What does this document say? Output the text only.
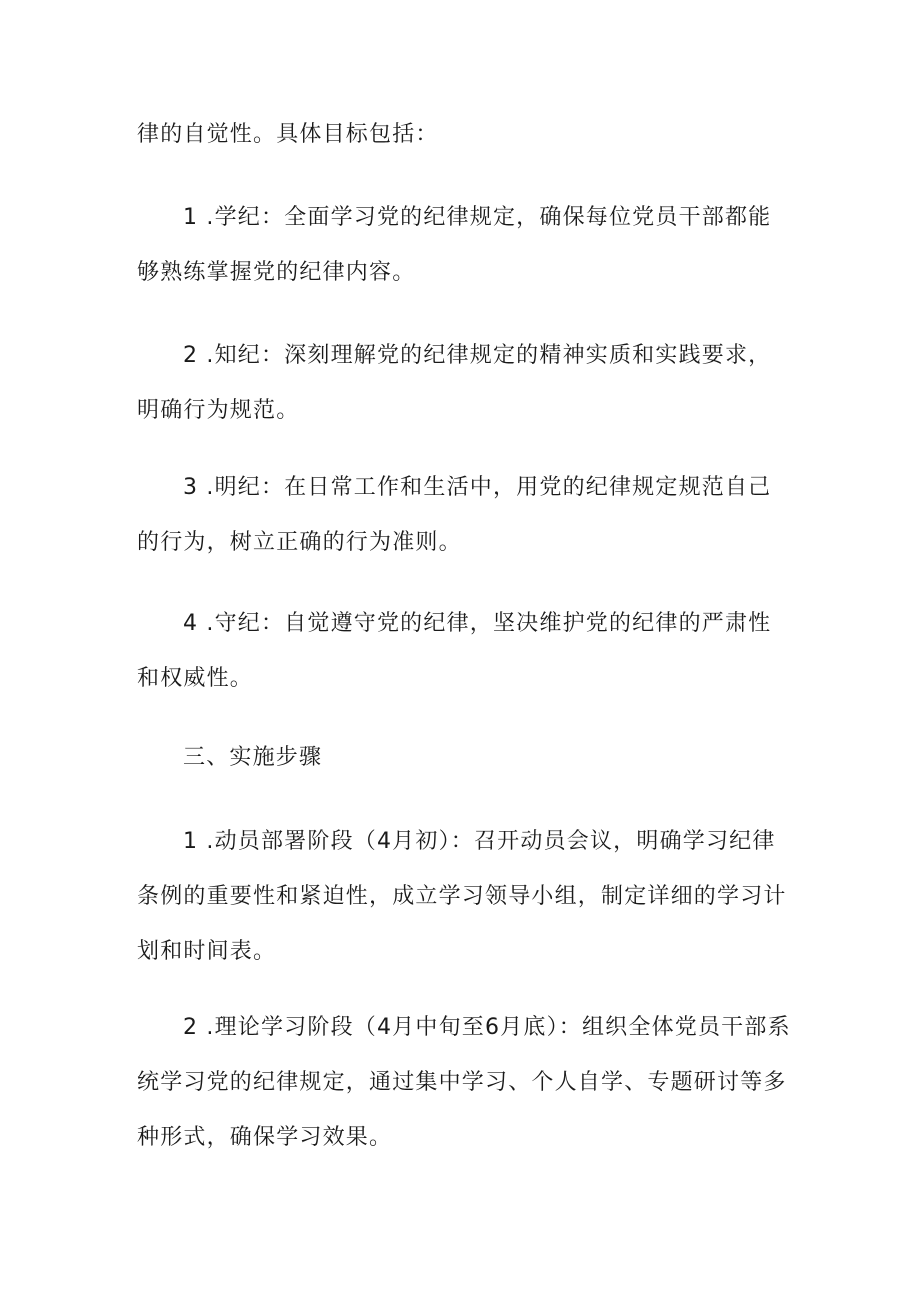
律的自觉性。具体目标包括：

1 .学纪：全面学习党的纪律规定，确保每位党员干部都能够熟练掌握党的纪律内容。

2 .知纪：深刻理解党的纪律规定的精神实质和实践要求，明确行为规范。

3 .明纪：在日常工作和生活中，用党的纪律规定规范自己的行为，树立正确的行为准则。

4 .守纪：自觉遵守党的纪律，坚决维护党的纪律的严肃性和权威性。

三、实施步骤

1 .动员部署阶段（4月初）：召开动员会议，明确学习纪律条例的重要性和紧迫性，成立学习领导小组，制定详细的学习计划和时间表。

2 .理论学习阶段（4月中旬至6月底）：组织全体党员干部系统学习党的纪律规定，通过集中学习、个人自学、专题研讨等多种形式，确保学习效果。
